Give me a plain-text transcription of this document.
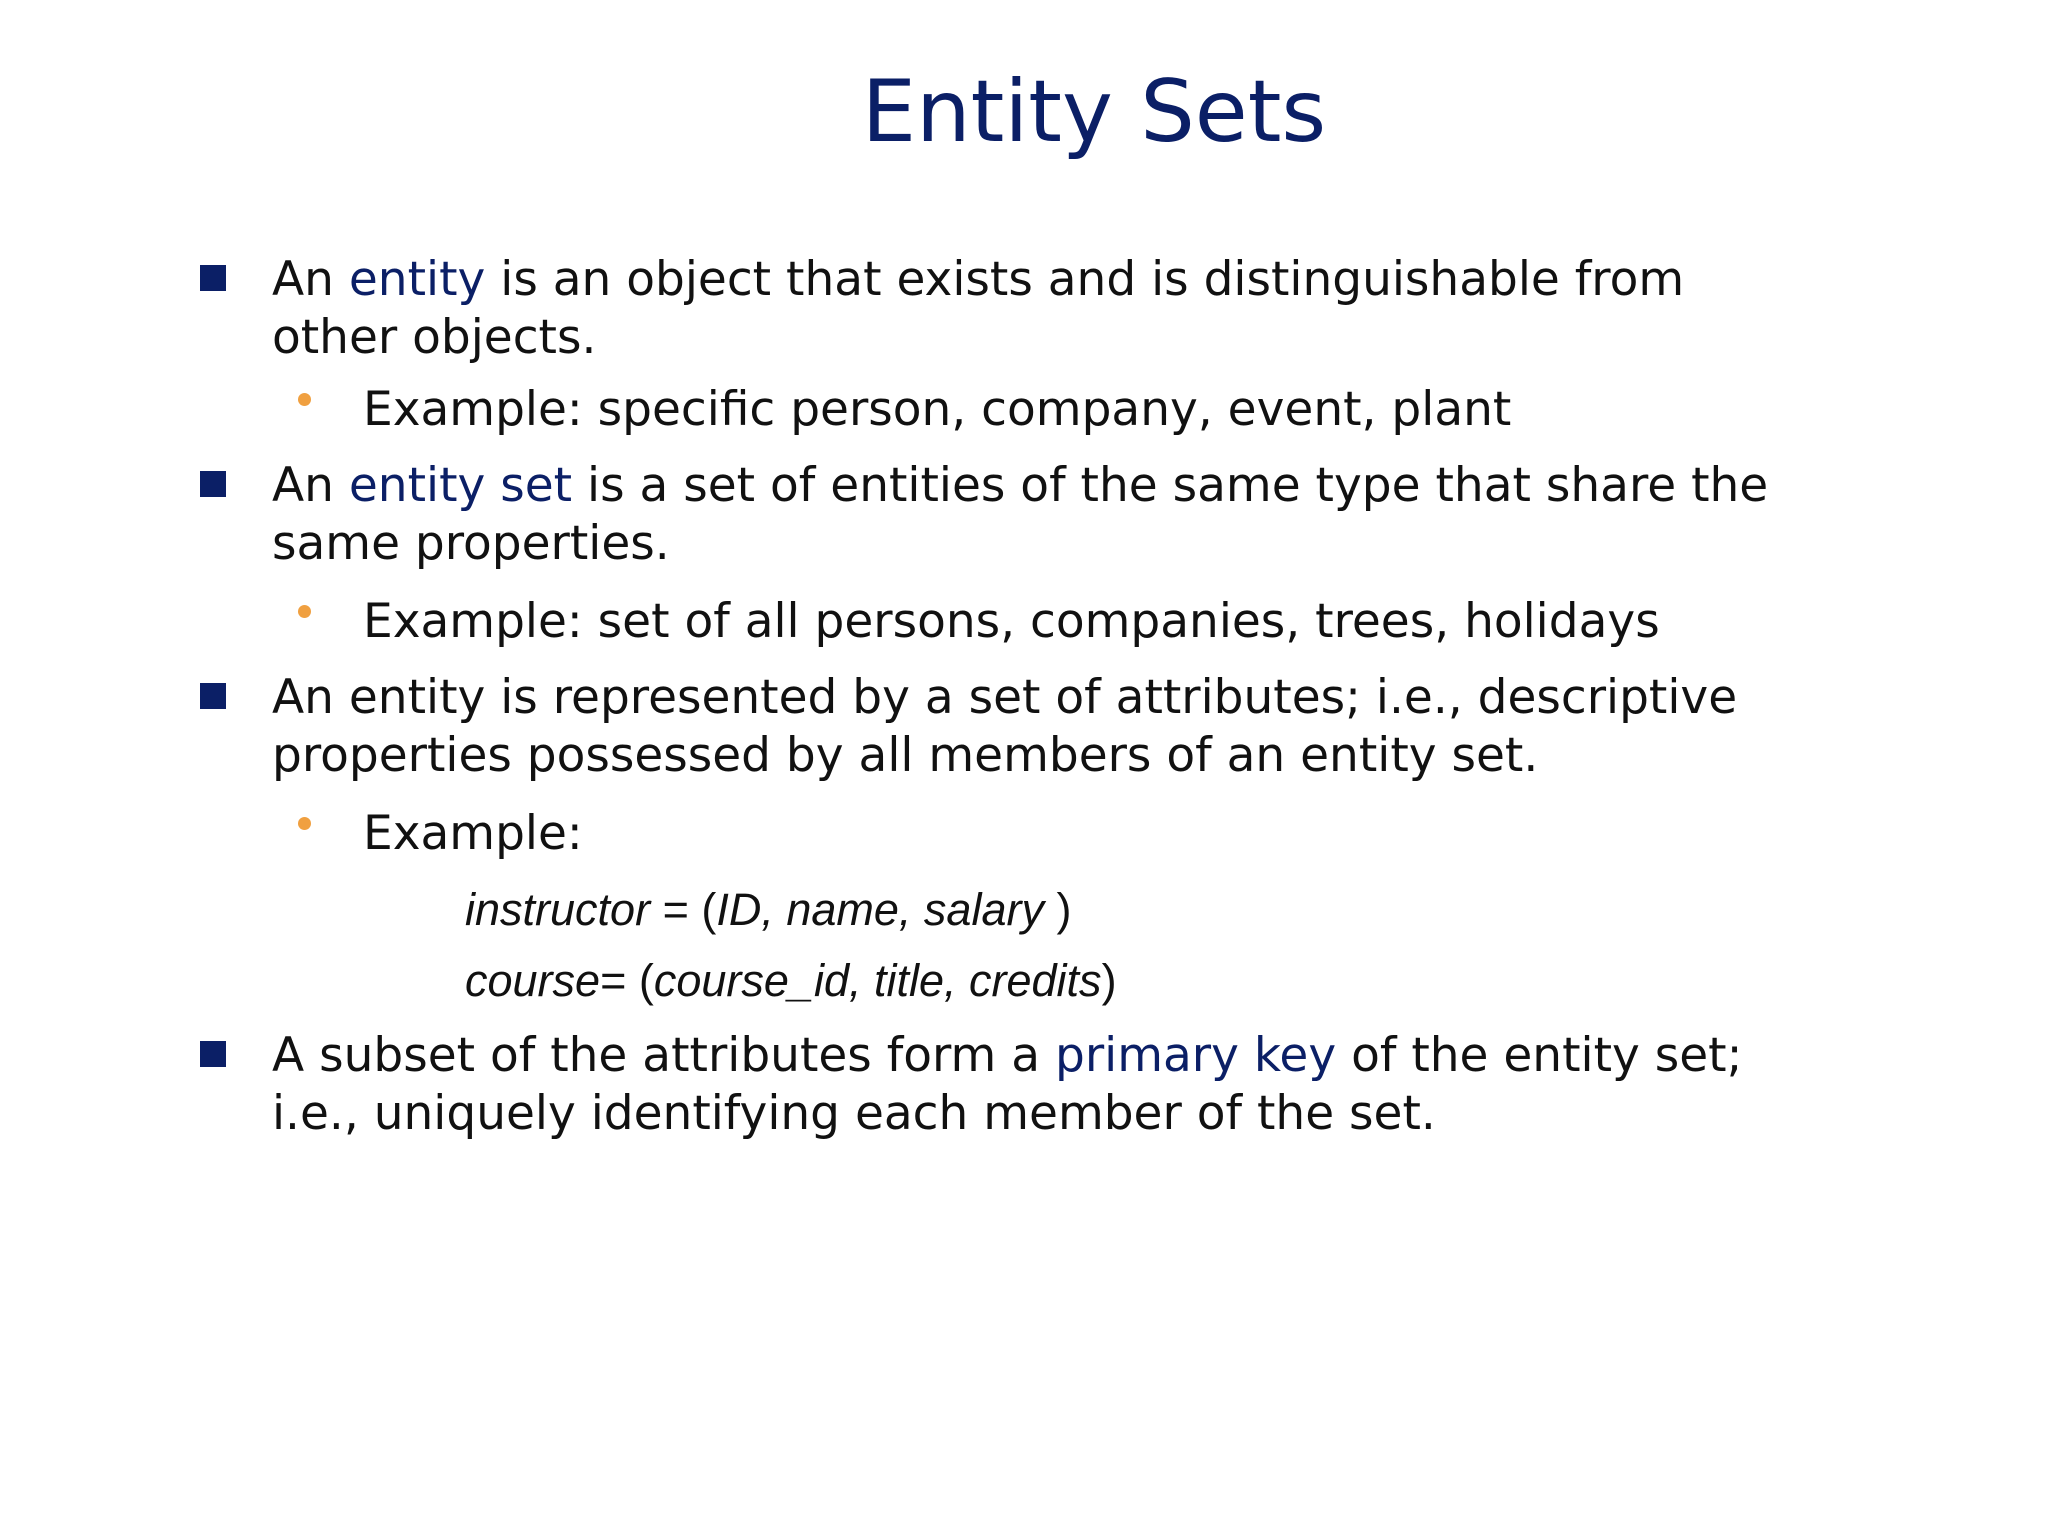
Entity Sets
An entity is an object that exists and is distinguishable from other objects.
Example: specific person, company, event, plant
An entity set is a set of entities of the same type that share the same properties.
Example: set of all persons, companies, trees, holidays
An entity is represented by a set of attributes; i.e., descriptive properties possessed by all members of an entity set.
Example:
instructor = (ID, name, salary )
course= (course_id, title, credits)
A subset of the attributes form a primary key of the entity set; i.e., uniquely identifying each member of the set.
